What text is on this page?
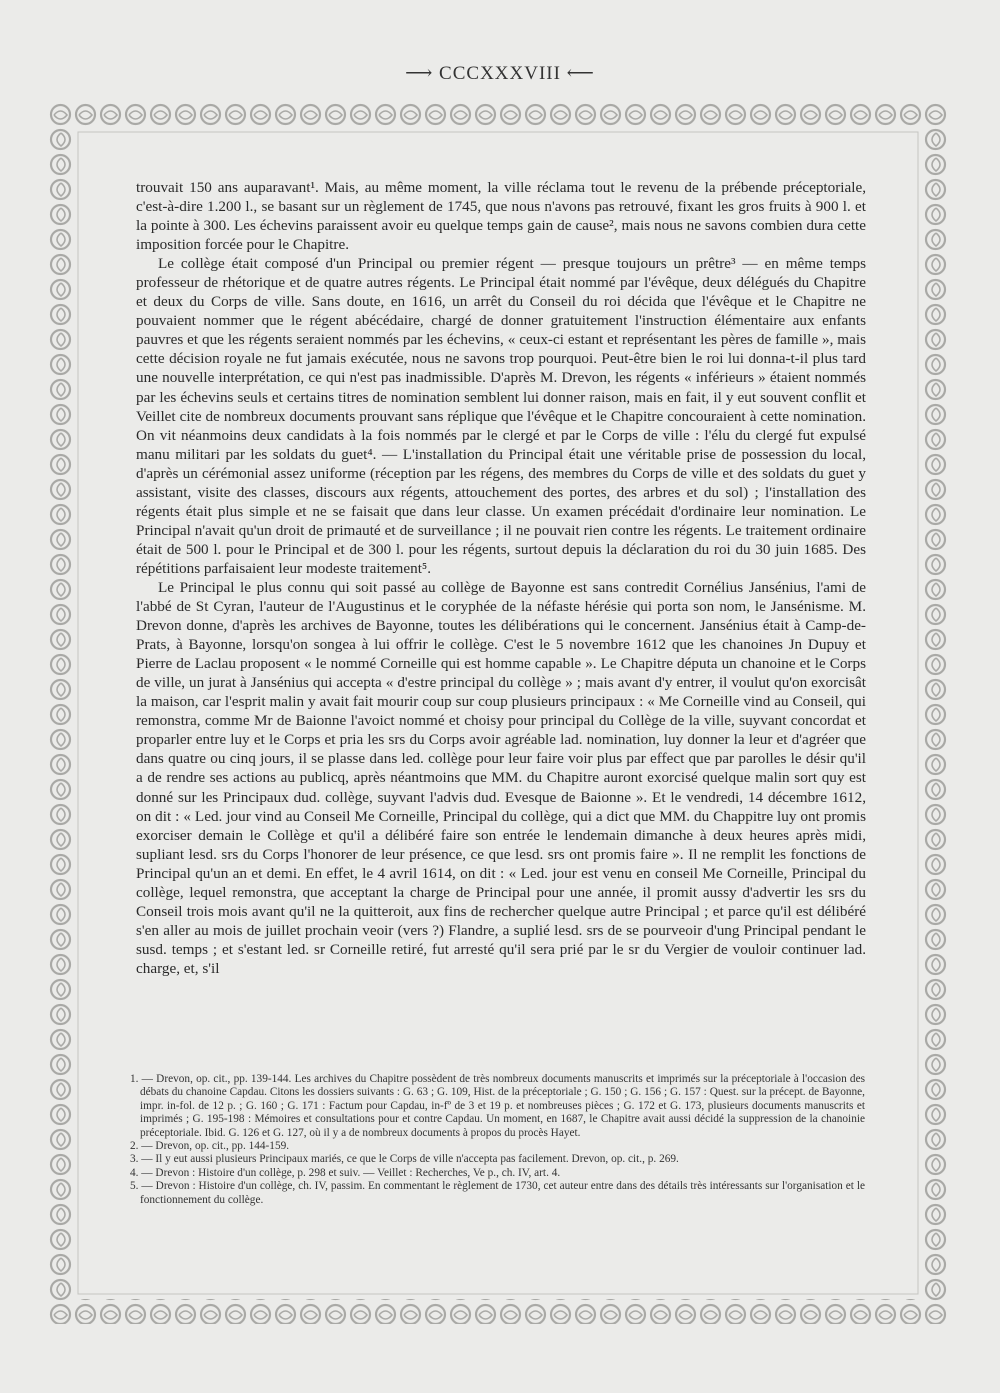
⟶ CCCXXXVIII ⟵

trouvait 150 ans auparavant¹. Mais, au même moment, la ville réclama tout le revenu de la prébende préceptoriale, c'est-à-dire 1.200 l., se basant sur un règlement de 1745, que nous n'avons pas retrouvé, fixant les gros fruits à 900 l. et la pointe à 300. Les échevins paraissent avoir eu quelque temps gain de cause², mais nous ne savons combien dura cette imposition forcée pour le Chapitre.

Le collège était composé d'un Principal ou premier régent — presque toujours un prêtre³ — en même temps professeur de rhétorique et de quatre autres régents. Le Principal était nommé par l'évêque, deux délégués du Chapitre et deux du Corps de ville. Sans doute, en 1616, un arrêt du Conseil du roi décida que l'évêque et le Chapitre ne pouvaient nommer que le régent abécédaire, chargé de donner gratuitement l'instruction élémentaire aux enfants pauvres et que les régents seraient nommés par les échevins, « ceux-ci estant et représentant les pères de famille », mais cette décision royale ne fut jamais exécutée, nous ne savons trop pourquoi. Peut-être bien le roi lui donna-t-il plus tard une nouvelle interprétation, ce qui n'est pas inadmissible. D'après M. Drevon, les régents « inférieurs » étaient nommés par les échevins seuls et certains titres de nomination semblent lui donner raison, mais en fait, il y eut souvent conflit et Veillet cite de nombreux documents prouvant sans réplique que l'évêque et le Chapitre concouraient à cette nomination. On vit néanmoins deux candidats à la fois nommés par le clergé et par le Corps de ville : l'élu du clergé fut expulsé manu militari par les soldats du guet⁴. — L'installation du Principal était une véritable prise de possession du local, d'après un cérémonial assez uniforme (réception par les régens, des membres du Corps de ville et des soldats du guet y assistant, visite des classes, discours aux régents, attouchement des portes, des arbres et du sol) ; l'installation des régents était plus simple et ne se faisait que dans leur classe. Un examen précédait d'ordinaire leur nomination. Le Principal n'avait qu'un droit de primauté et de surveillance ; il ne pouvait rien contre les régents. Le traitement ordinaire était de 500 l. pour le Principal et de 300 l. pour les régents, surtout depuis la déclaration du roi du 30 juin 1685. Des répétitions parfaisaient leur modeste traitement⁵.

Le Principal le plus connu qui soit passé au collège de Bayonne est sans contredit Cornélius Jansénius, l'ami de l'abbé de St Cyran, l'auteur de l'Augustinus et le coryphée de la néfaste hérésie qui porta son nom, le Jansénisme. M. Drevon donne, d'après les archives de Bayonne, toutes les délibérations qui le concernent. Jansénius était à Camp-de-Prats, à Bayonne, lorsqu'on songea à lui offrir le collège. C'est le 5 novembre 1612 que les chanoines Jn Dupuy et Pierre de Laclau proposent « le nommé Corneille qui est homme capable ». Le Chapitre députa un chanoine et le Corps de ville, un jurat à Jansénius qui accepta « d'estre principal du collège » ; mais avant d'y entrer, il voulut qu'on exorcisât la maison, car l'esprit malin y avait fait mourir coup sur coup plusieurs principaux : « Me Corneille vind au Conseil, qui remonstra, comme Mr de Baionne l'avoict nommé et choisy pour principal du Collège de la ville, suyvant concordat et proparler entre luy et le Corps et pria les srs du Corps avoir agréable lad. nomination, luy donner la leur et d'agréer que dans quatre ou cinq jours, il se plasse dans led. collège pour leur faire voir plus par effect que par parolles le désir qu'il a de rendre ses actions au publicq, après néantmoins que MM. du Chapitre auront exorcisé quelque malin sort quy est donné sur les Principaux dud. collège, suyvant l'advis dud. Evesque de Baionne ». Et le vendredi, 14 décembre 1612, on dit : « Led. jour vind au Conseil Me Corneille, Principal du collège, qui a dict que MM. du Chappitre luy ont promis exorciser demain le Collège et qu'il a délibéré faire son entrée le lendemain dimanche à deux heures après midi, supliant lesd. srs du Corps l'honorer de leur présence, ce que lesd. srs ont promis faire ». Il ne remplit les fonctions de Principal qu'un an et demi. En effet, le 4 avril 1614, on dit : « Led. jour est venu en conseil Me Corneille, Principal du collège, lequel remonstra, que acceptant la charge de Principal pour une année, il promit aussy d'advertir les srs du Conseil trois mois avant qu'il ne la quitteroit, aux fins de rechercher quelque autre Principal ; et parce qu'il est délibéré s'en aller au mois de juillet prochain veoir (vers ?) Flandre, a suplié lesd. srs de se pourveoir d'ung Principal pendant le susd. temps ; et s'estant led. sr Corneille retiré, fut arresté qu'il sera prié par le sr du Vergier de vouloir continuer lad. charge, et, s'il

1. — Drevon, op. cit., pp. 139-144. Les archives du Chapitre possèdent de très nombreux documents manuscrits et imprimés sur la préceptoriale à l'occasion des débats du chanoine Capdau. Citons les dossiers suivants : G. 63 ; G. 109, Hist. de la préceptoriale ; G. 150 ; G. 156 ; G. 157 : Quest. sur la précept. de Bayonne, impr. in-fol. de 12 p. ; G. 160 ; G. 171 : Factum pour Capdau, in-fº de 3 et 19 p. et nombreuses pièces ; G. 172 et G. 173, plusieurs documents manuscrits et imprimés ; G. 195-198 : Mémoires et consultations pour et contre Capdau. Un moment, en 1687, le Chapitre avait aussi décidé la suppression de la chanoinie préceptoriale. Ibid. G. 126 et G. 127, où il y a de nombreux documents à propos du procès Hayet.
2. — Drevon, op. cit., pp. 144-159.
3. — Il y eut aussi plusieurs Principaux mariés, ce que le Corps de ville n'accepta pas facilement. Drevon, op. cit., p. 269.
4. — Drevon : Histoire d'un collège, p. 298 et suiv. — Veillet : Recherches, Ve p., ch. IV, art. 4.
5. — Drevon : Histoire d'un collège, ch. IV, passim. En commentant le règlement de 1730, cet auteur entre dans des détails très intéressants sur l'organisation et le fonctionnement du collège.
